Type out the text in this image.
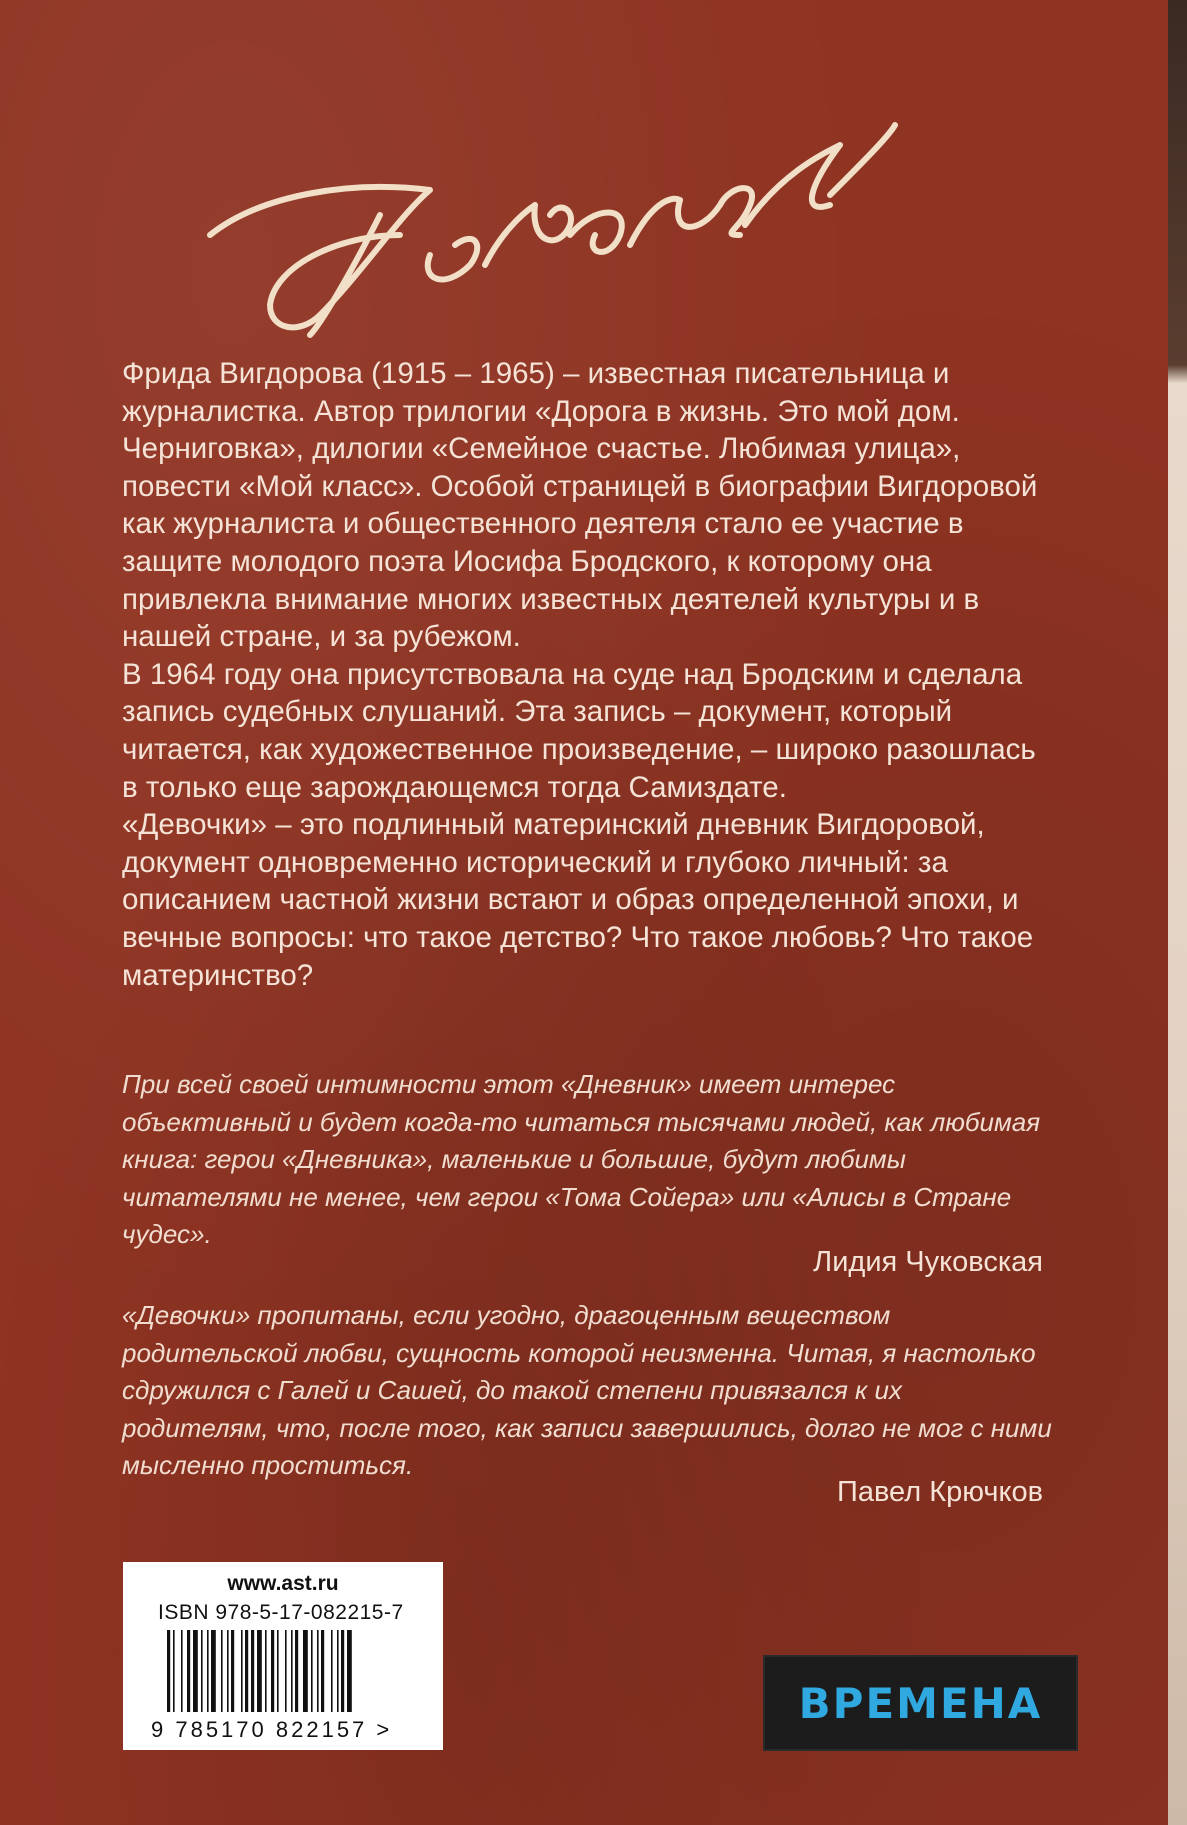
Фрида Вигдорова (1915 – 1965) – известная писательница и журналистка. Автор трилогии «Дорога в жизнь. Это мой дом. Черниговка», дилогии «Семейное счастье. Любимая улица», повести «Мой класс». Особой страницей в биографии Вигдоровой как журналиста и общественного деятеля стало ее участие в защите молодого поэта Иосифа Бродского, к которому она привлекла внимание многих известных деятелей культуры и в нашей стране, и за рубежом.

В 1964 году она присутствовала на суде над Бродским и сделала запись судебных слушаний. Эта запись – документ, который читается, как художественное произведение, – широко разошлась в только еще зарождающемся тогда Самиздате.

«Девочки» – это подлинный материнский дневник Вигдоровой, документ одновременно исторический и глубоко личный: за описанием частной жизни встают и образ определенной эпохи, и вечные вопросы: что такое детство? Что такое любовь? Что такое материнство?

При всей своей интимности этот «Дневник» имеет интерес объективный и будет когда-то читаться тысячами людей, как любимая книга: герои «Дневника», маленькие и большие, будут любимы читателями не менее, чем герои «Тома Сойера» или «Алисы в Стране чудес».

Лидия Чуковская

«Девочки» пропитаны, если угодно, драгоценным веществом родительской любви, сущность которой неизменна. Читая, я настолько сдружился с Галей и Сашей, до такой степени привязался к их родителям, что, после того, как записи завершились, долго не мог с ними мысленно проститься.

Павел Крючков
www.ast.ru
ISBN 978-5-17-082215-7
9 785170 822157 >
ВРЕМЕНА
